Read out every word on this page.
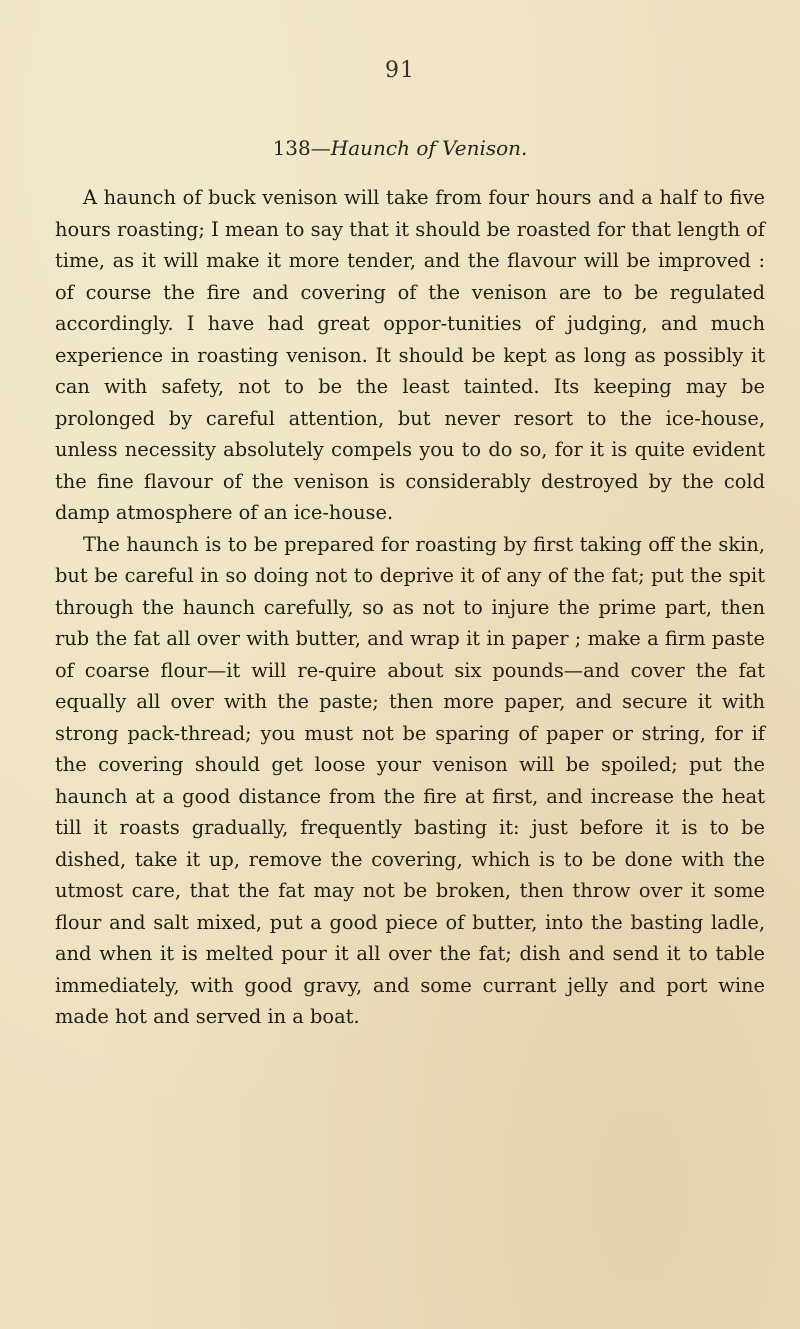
91
138—Haunch of Venison.

A haunch of buck venison will take from four hours and a half to five hours roasting; I mean to say that it should be roasted for that length of time, as it will make it more tender, and the flavour will be improved : of course the fire and covering of the venison are to be regulated accordingly. I have had great oppor-tunities of judging, and much experience in roasting venison. It should be kept as long as possibly it can with safety, not to be the least tainted. Its keeping may be prolonged by careful attention, but never resort to the ice-house, unless necessity absolutely compels you to do so, for it is quite evident the fine flavour of the venison is considerably destroyed by the cold damp atmosphere of an ice-house.

The haunch is to be prepared for roasting by first taking off the skin, but be careful in so doing not to deprive it of any of the fat; put the spit through the haunch carefully, so as not to injure the prime part, then rub the fat all over with butter, and wrap it in paper ; make a firm paste of coarse flour—it will re-quire about six pounds—and cover the fat equally all over with the paste; then more paper, and secure it with strong pack-thread; you must not be sparing of paper or string, for if the covering should get loose your venison will be spoiled; put the haunch at a good distance from the fire at first, and increase the heat till it roasts gradually, frequently basting it: just before it is to be dished, take it up, remove the covering, which is to be done with the utmost care, that the fat may not be broken, then throw over it some flour and salt mixed, put a good piece of butter, into the basting ladle, and when it is melted pour it all over the fat; dish and send it to table immediately, with good gravy, and some currant jelly and port wine made hot and served in a boat.
